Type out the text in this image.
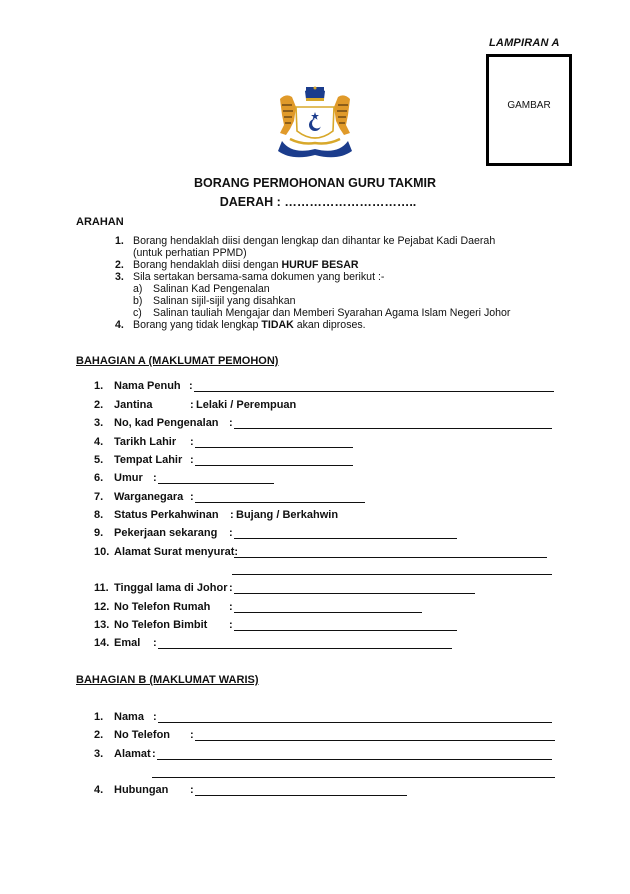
LAMPIRAN A
GAMBAR
BORANG PERMOHONAN GURU TAKMIR
DAERAH : …………………………..
ARAHAN
1. Borang hendaklah diisi dengan lengkap dan dihantar ke Pejabat Kadi Daerah
(untuk perhatian PPMD)
2. Borang hendaklah diisi dengan HURUF BESAR
3. Sila sertakan bersama-sama dokumen yang berikut :-
a) Salinan Kad Pengenalan
b) Salinan sijil-sijil yang disahkan
c) Salinan tauliah Mengajar dan Memberi Syarahan Agama Islam Negeri Johor
4. Borang yang tidak lengkap TIDAK akan diproses.
BAHAGIAN A (MAKLUMAT PEMOHON)
1. Nama Penuh :
2. Jantina	: Lelaki / Perempuan
3. No, kad Pengenalan :
4. Tarikh Lahir :
5. Tempat Lahir :
6. Umur :
7. Warganegara :
8. Status Perkahwinan : Bujang / Berkahwin
9. Pekerjaan sekarang :
10. Alamat Surat menyurat:
11. Tinggal lama di Johor :
12. No Telefon Rumah :
13. No Telefon Bimbit :
14. Emal :
BAHAGIAN B (MAKLUMAT WARIS)
1. Nama :
2. No Telefon :
3. Alamat :
4. Hubungan :
